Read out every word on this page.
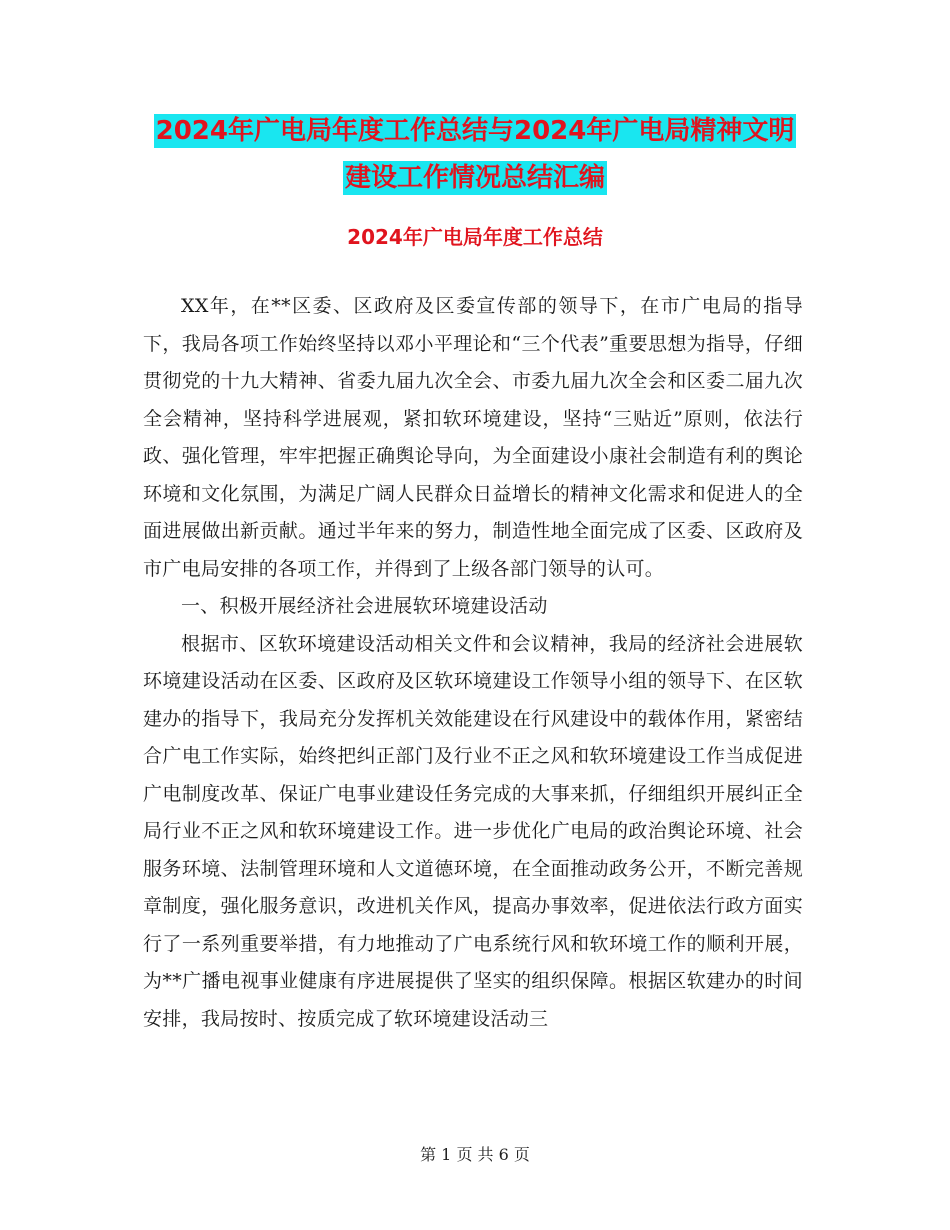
2024年广电局年度工作总结与2024年广电局精神文明
建设工作情况总结汇编
2024年广电局年度工作总结

XX年，在**区委、区政府及区委宣传部的领导下，在市广电局的指导下，我局各项工作始终坚持以邓小平理论和“三个代表”重要思想为指导，仔细贯彻党的十九大精神、省委九届九次全会、市委九届九次全会和区委二届九次全会精神，坚持科学进展观，紧扣软环境建设，坚持“三贴近”原则，依法行政、强化管理，牢牢把握正确舆论导向，为全面建设小康社会制造有利的舆论环境和文化氛围，为满足广阔人民群众日益增长的精神文化需求和促进人的全面进展做出新贡献。通过半年来的努力，制造性地全面完成了区委、区政府及市广电局安排的各项工作，并得到了上级各部门领导的认可。

一、积极开展经济社会进展软环境建设活动

根据市、区软环境建设活动相关文件和会议精神，我局的经济社会进展软环境建设活动在区委、区政府及区软环境建设工作领导小组的领导下、在区软建办的指导下，我局充分发挥机关效能建设在行风建设中的载体作用，紧密结合广电工作实际，始终把纠正部门及行业不正之风和软环境建设工作当成促进广电制度改革、保证广电事业建设任务完成的大事来抓，仔细组织开展纠正全局行业不正之风和软环境建设工作。进一步优化广电局的政治舆论环境、社会服务环境、法制管理环境和人文道德环境，在全面推动政务公开，不断完善规章制度，强化服务意识，改进机关作风，提高办事效率，促进依法行政方面实行了一系列重要举措，有力地推动了广电系统行风和软环境工作的顺利开展，为**广播电视事业健康有序进展提供了坚实的组织保障。根据区软建办的时间安排，我局按时、按质完成了软环境建设活动三

第 1 页 共 6 页
